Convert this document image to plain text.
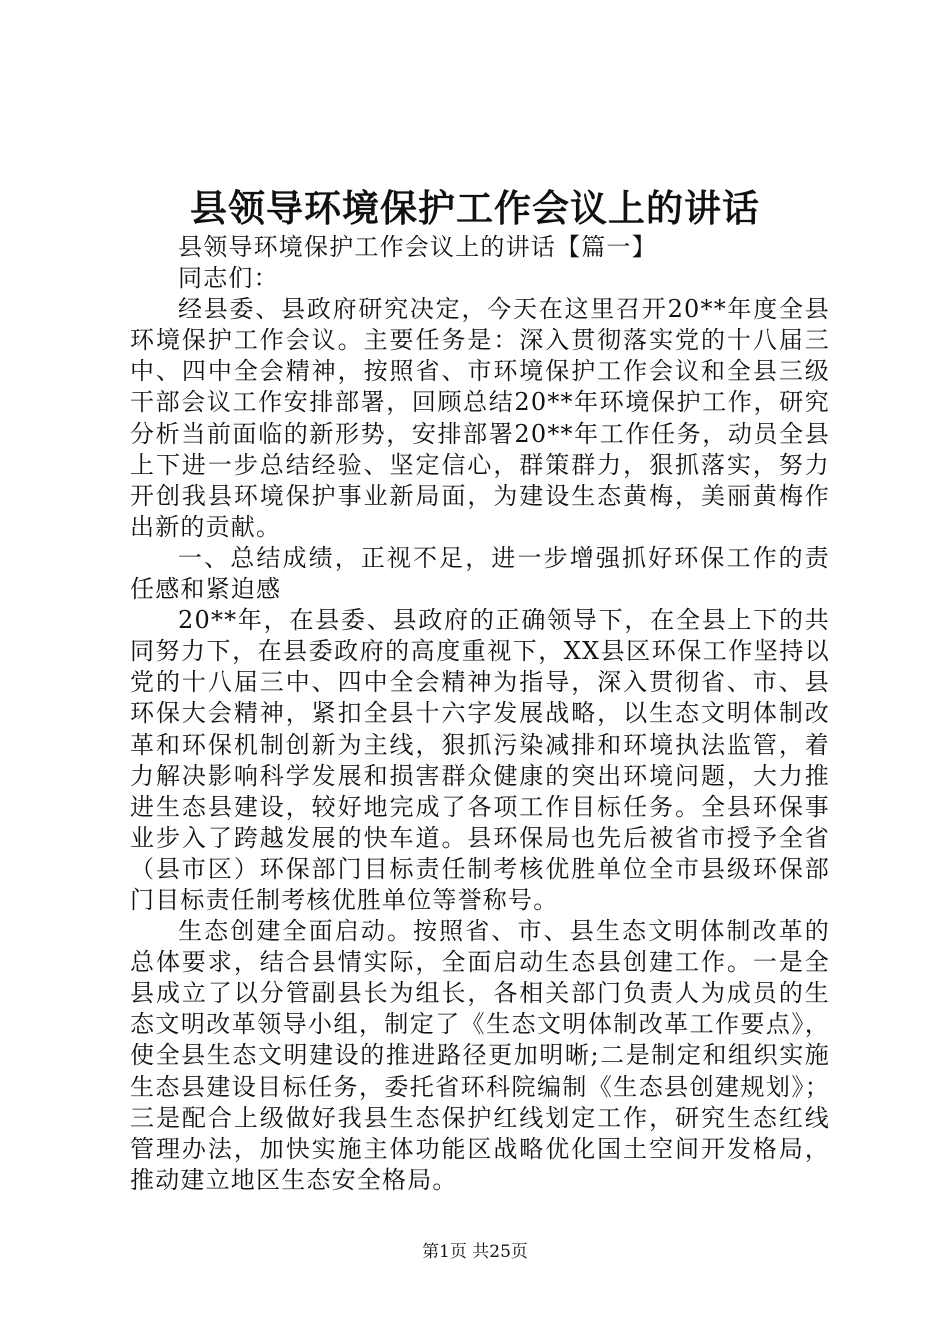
县领导环境保护工作会议上的讲话

县领导环境保护工作会议上的讲话【篇一】

同志们：

经县委、县政府研究决定，今天在这里召开20**年度全县环境保护工作会议。主要任务是：深入贯彻落实党的十八届三中、四中全会精神，按照省、市环境保护工作会议和全县三级干部会议工作安排部署，回顾总结20**年环境保护工作，研究分析当前面临的新形势，安排部署20**年工作任务，动员全县上下进一步总结经验、坚定信心，群策群力，狠抓落实，努力开创我县环境保护事业新局面，为建设生态黄梅，美丽黄梅作出新的贡献。

一、总结成绩，正视不足，进一步增强抓好环保工作的责任感和紧迫感

20**年，在县委、县政府的正确领导下，在全县上下的共同努力下，在县委政府的高度重视下，XX县区环保工作坚持以党的十八届三中、四中全会精神为指导，深入贯彻省、市、县环保大会精神，紧扣全县十六字发展战略，以生态文明体制改革和环保机制创新为主线，狠抓污染减排和环境执法监管，着力解决影响科学发展和损害群众健康的突出环境问题，大力推进生态县建设，较好地完成了各项工作目标任务。全县环保事业步入了跨越发展的快车道。县环保局也先后被省市授予全省（县市区）环保部门目标责任制考核优胜单位全市县级环保部门目标责任制考核优胜单位等誉称号。

生态创建全面启动。按照省、市、县生态文明体制改革的总体要求，结合县情实际，全面启动生态县创建工作。一是全县成立了以分管副县长为组长，各相关部门负责人为成员的生态文明改革领导小组，制定了《生态文明体制改革工作要点》，使全县生态文明建设的推进路径更加明晰;二是制定和组织实施生态县建设目标任务，委托省环科院编制《生态县创建规划》；三是配合上级做好我县生态保护红线划定工作，研究生态红线管理办法，加快实施主体功能区战略优化国土空间开发格局，推动建立地区生态安全格局。

第1页 共25页
